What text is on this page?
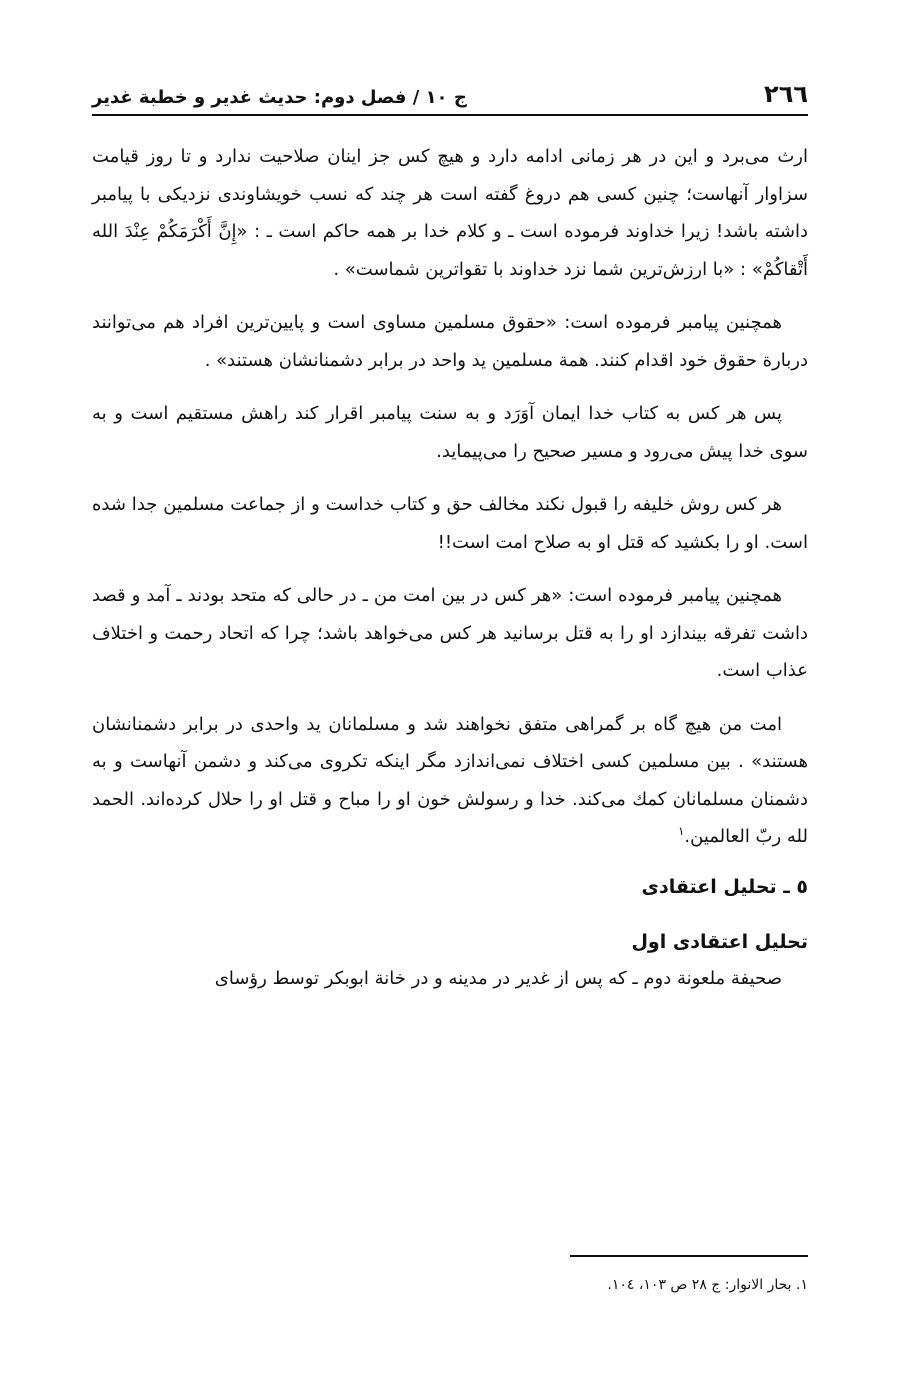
٢٦٦
ج ١٠ / فصل دوم: حديث غدير و خطبة غدير

ارث مى‌برد و اين در هر زمانى ادامه دارد و هيچ كس جز اينان صلاحيت ندارد و تا روز قيامت سزاوار آنهاست؛ چنين كسى هم دروغ گفته است هر چند كه نسب خويشاوندى نزديكى با پيامبر داشته باشد! زيرا خداوند فرموده است ـ و كلام خدا بر همه حاكم است ـ : «إِنَّ أَكْرَمَكُمْ عِنْدَ الله أَتْقاكُمْ» : «با ارزش‌ترين شما نزد خداوند با تقواترين شماست» .

همچنين پيامبر فرموده است: «حقوق مسلمين مساوى است و پايين‌ترين افراد هم مى‌توانند دربارة حقوق خود اقدام كنند. همة مسلمين يد واحد در برابر دشمنانشان هستند» .

پس هر كس به كتاب خدا ايمان آوَرَد و به سنت پيامبر اقرار كند راهش مستقيم است و به سوى خدا پيش مى‌رود و مسير صحيح را مى‌پيمايد.

هر كس روش خليفه را قبول نكند مخالف حق و كتاب خداست و از جماعت مسلمين جدا شده است. او را بكشيد كه قتل او به صلاح امت است!!

همچنين پيامبر فرموده است: «هر كس در بين امت من ـ در حالى كه متحد بودند ـ آمد و قصد داشت تفرقه بيندازد او را به قتل برسانيد هر كس مى‌خواهد باشد؛ چرا كه اتحاد رحمت و اختلاف عذاب است.

امت من هيچ گاه بر گمراهى متفق نخواهند شد و مسلمانان يد واحدى در برابر دشمنانشان هستند» . بين مسلمين كسى اختلاف نمى‌اندازد مگر اينكه تكروى مى‌كند و دشمن آنهاست و به دشمنان مسلمانان كمك مى‌كند. خدا و رسولش خون او را مباح و قتل او را حلال كرده‌اند. الحمد لله ربّ العالمين.$^١$

٥ ـ تحليل اعتقادى
تحليل اعتقادى اول

صحيفة ملعونة دوم ـ كه پس از غدير در مدينه و در خانة ابوبكر توسط رؤساى

١. بحار الانوار: ج ٢٨ ص ١٠٣، ١٠٤.
